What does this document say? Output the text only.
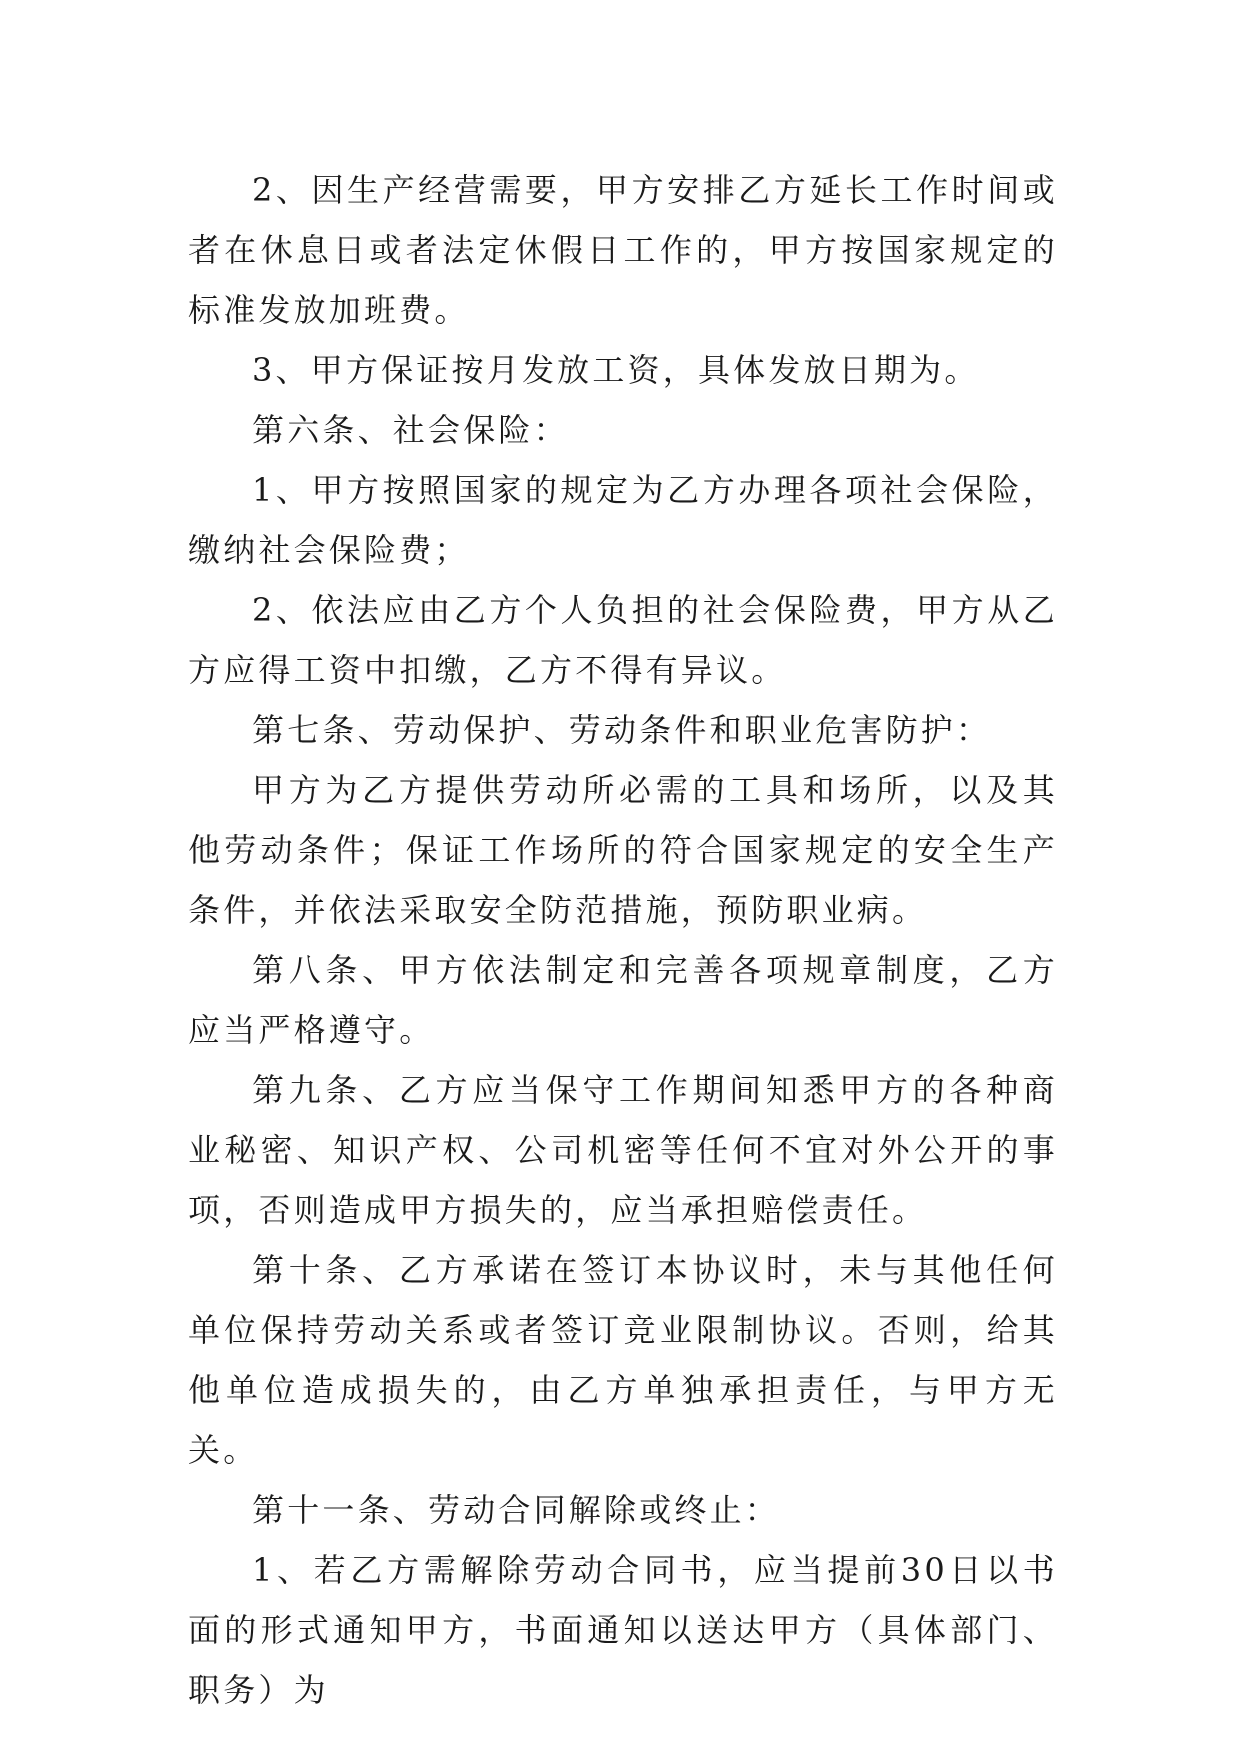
2、因生产经营需要，甲方安排乙方延长工作时间或者在休息日或者法定休假日工作的，甲方按国家规定的标准发放加班费。

3、甲方保证按月发放工资，具体发放日期为。

第六条、社会保险：

1、甲方按照国家的规定为乙方办理各项社会保险，缴纳社会保险费；

2、依法应由乙方个人负担的社会保险费，甲方从乙方应得工资中扣缴，乙方不得有异议。

第七条、劳动保护、劳动条件和职业危害防护：

甲方为乙方提供劳动所必需的工具和场所，以及其他劳动条件；保证工作场所的符合国家规定的安全生产条件，并依法采取安全防范措施，预防职业病。

第八条、甲方依法制定和完善各项规章制度，乙方应当严格遵守。

第九条、乙方应当保守工作期间知悉甲方的各种商业秘密、知识产权、公司机密等任何不宜对外公开的事项，否则造成甲方损失的，应当承担赔偿责任。

第十条、乙方承诺在签订本协议时，未与其他任何单位保持劳动关系或者签订竞业限制协议。否则，给其他单位造成损失的，由乙方单独承担责任，与甲方无关。

第十一条、劳动合同解除或终止：

1、若乙方需解除劳动合同书，应当提前30日以书面的形式通知甲方，书面通知以送达甲方（具体部门、职务）为
